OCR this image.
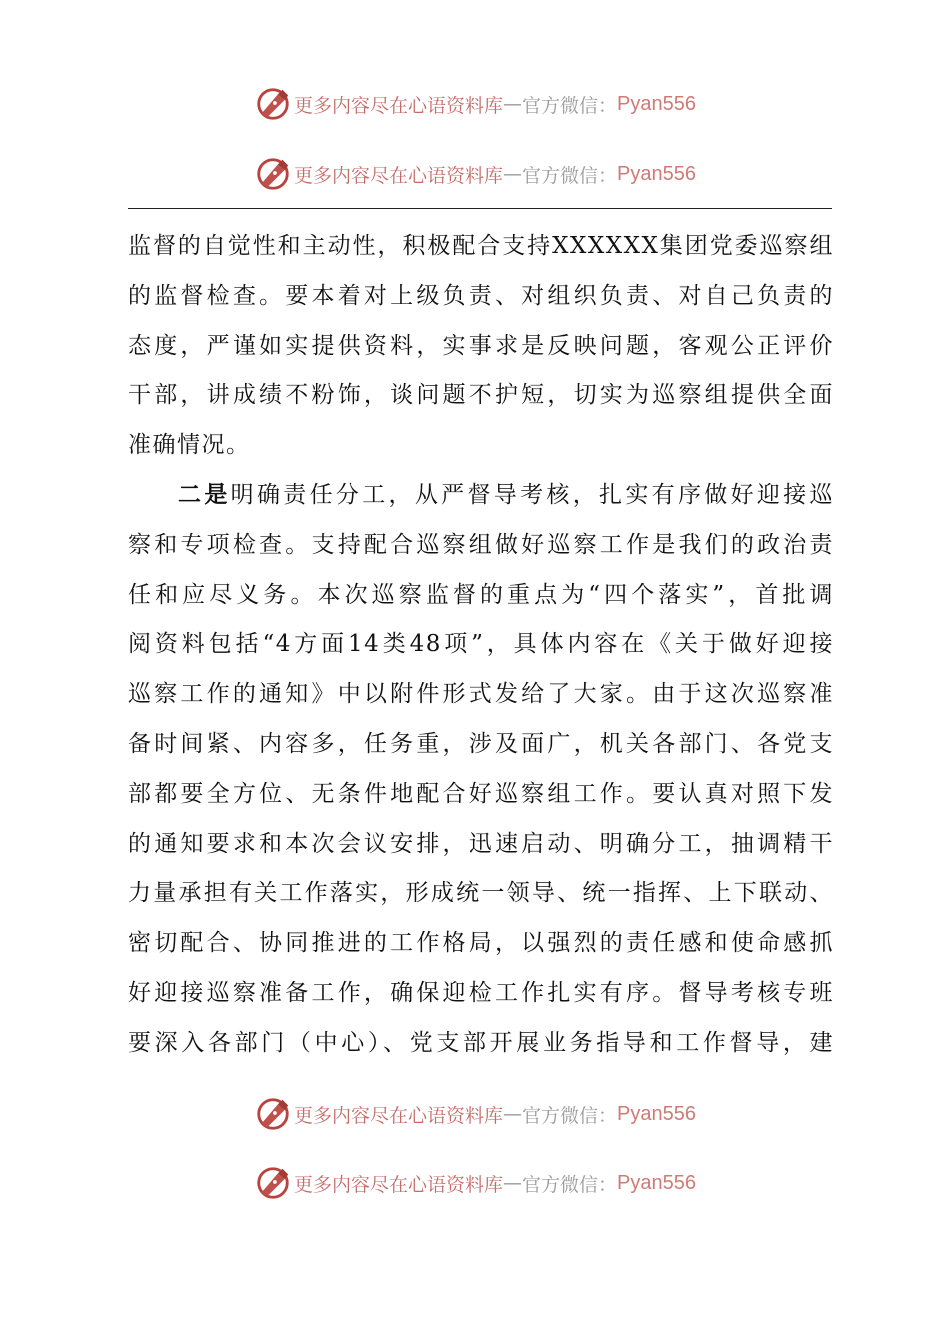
更多内容尽在心语资料库 — 官方微信： Pyan556
更多内容尽在心语资料库 — 官方微信： Pyan556
监督的自觉性和主动性，积极配合支持XXXXXX集团党委巡察组
的监督检查。要本着对上级负责、对组织负责、对自己负责的
态度，严谨如实提供资料，实事求是反映问题，客观公正评价
干部，讲成绩不粉饰，谈问题不护短，切实为巡察组提供全面
准确情况。
二是明确责任分工，从严督导考核，扎实有序做好迎接巡
察和专项检查。支持配合巡察组做好巡察工作是我们的政治责
任和应尽义务。本次巡察监督的重点为“四个落实”，首批调
阅资料包括“4方面14类48项”，具体内容在《关于做好迎接
巡察工作的通知》中以附件形式发给了大家。由于这次巡察准
备时间紧、内容多，任务重，涉及面广，机关各部门、各党支
部都要全方位、无条件地配合好巡察组工作。要认真对照下发
的通知要求和本次会议安排，迅速启动、明确分工，抽调精干
力量承担有关工作落实，形成统一领导、统一指挥、上下联动、
密切配合、协同推进的工作格局，以强烈的责任感和使命感抓
好迎接巡察准备工作，确保迎检工作扎实有序。督导考核专班
要深入各部门（中心）、党支部开展业务指导和工作督导，建
更多内容尽在心语资料库 — 官方微信： Pyan556
更多内容尽在心语资料库 — 官方微信： Pyan556
